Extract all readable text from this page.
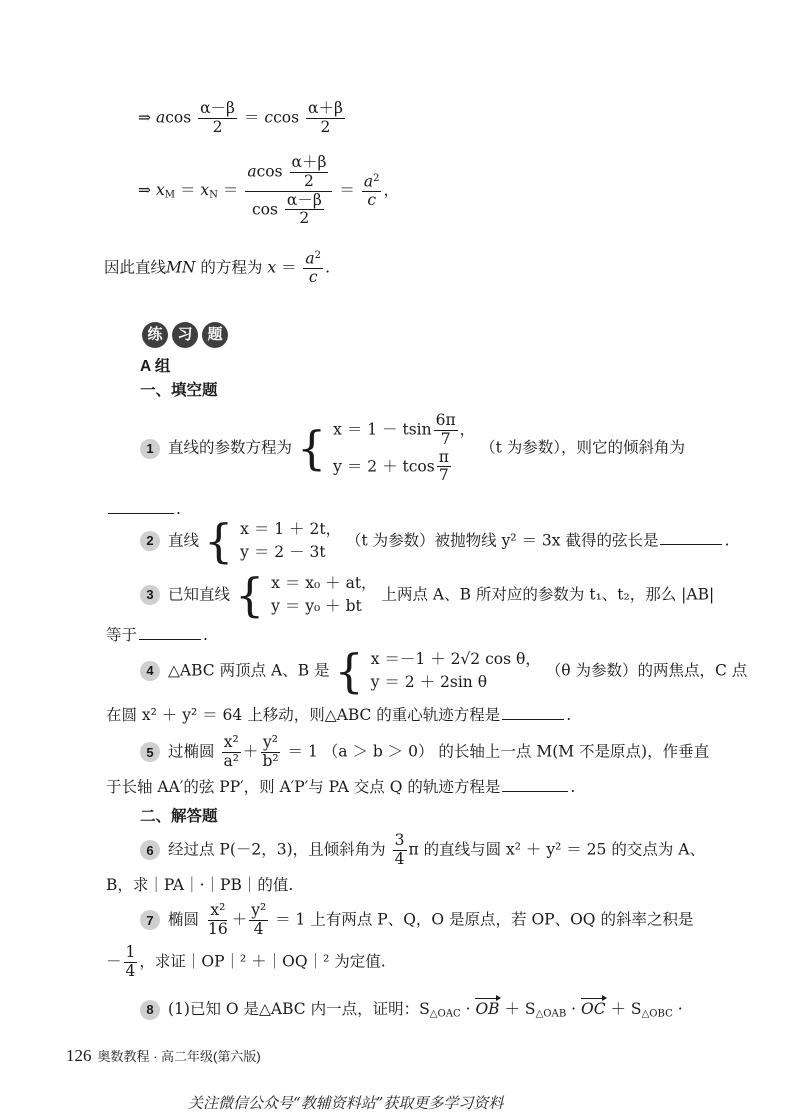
⇒ acos $\frac{\alpha-\beta}{2} = ccos \frac{\alpha+\beta}{2}$
⇒ $x_M = x_N = \frac{acos \frac{\alpha+\beta}{2}}{\cos \frac{\alpha-\beta}{2}} = \frac{a^2}{c}$ ，
因此直线MN 的方程为 $x = \frac{a^2}{c}$ .
练 习 题
A 组
一、填空题
1 直线的参数方程为 { x ＝ 1 － tsin $\frac{6\pi}{7}$ ，
y ＝ 2 ＋ tcos $\frac{\pi}{7}$
（t 为参数），则它的倾斜角为
.
2 直线 { x ＝ 1 ＋ 2t，
y ＝ 2 － 3t
（t 为参数）被抛物线 y² ＝ 3x 截得的弦长是	.
3 已知直线 { x ＝ x₀ ＋ at，
y ＝ y₀ ＋ bt
上两点 A、B 所对应的参数为 t₁、t₂，那么 |AB|
等于	.
4 △ABC 两顶点 A、B 是 { x ＝－1 ＋ 2√2 cos θ，
y ＝ 2 ＋ 2sin θ
（θ 为参数）的两焦点，C 点
在圆 x² ＋ y² ＝ 64 上移动，则△ABC 的重心轨迹方程是	.
5 过椭圆 $\frac{\text{x²}}{\text{a²}} + \frac{\text{y²}}{\text{b²}} = 1$ （a ＞ b ＞ 0） 的长轴上一点 M(M 不是原点)，作垂直
于长轴 AA′的弦 PP′，则 A′P′与 PA 交点 Q 的轨迹方程是	.
二、解答题
6 经过点 P(－2，3)，且倾斜角为 $\frac{3}{4}$ π 的直线与圆 x² ＋ y² ＝ 25 的交点为 A、
B，求｜PA｜·｜PB｜的值.
7 椭圆 $\frac{\text{x²}}{16} + \frac{\text{y²}}{4} = 1$ 上有两点 P、Q，O 是原点，若 OP、OQ 的斜率之积是
－ $\frac{1}{4}$ ，求证｜OP｜² ＋｜OQ｜² 为定值.
8 (1)已知 O 是△ABC 内一点，证明：$S_{\triangle OAC}$ · OB ＋ $S_{\triangle OAB}$ · OC ＋ $S_{\triangle OBC}$ ·
126 奥数教程 · 高二年级(第六版)
关注微信公众号“教辅资料站”获取更多学习资料
